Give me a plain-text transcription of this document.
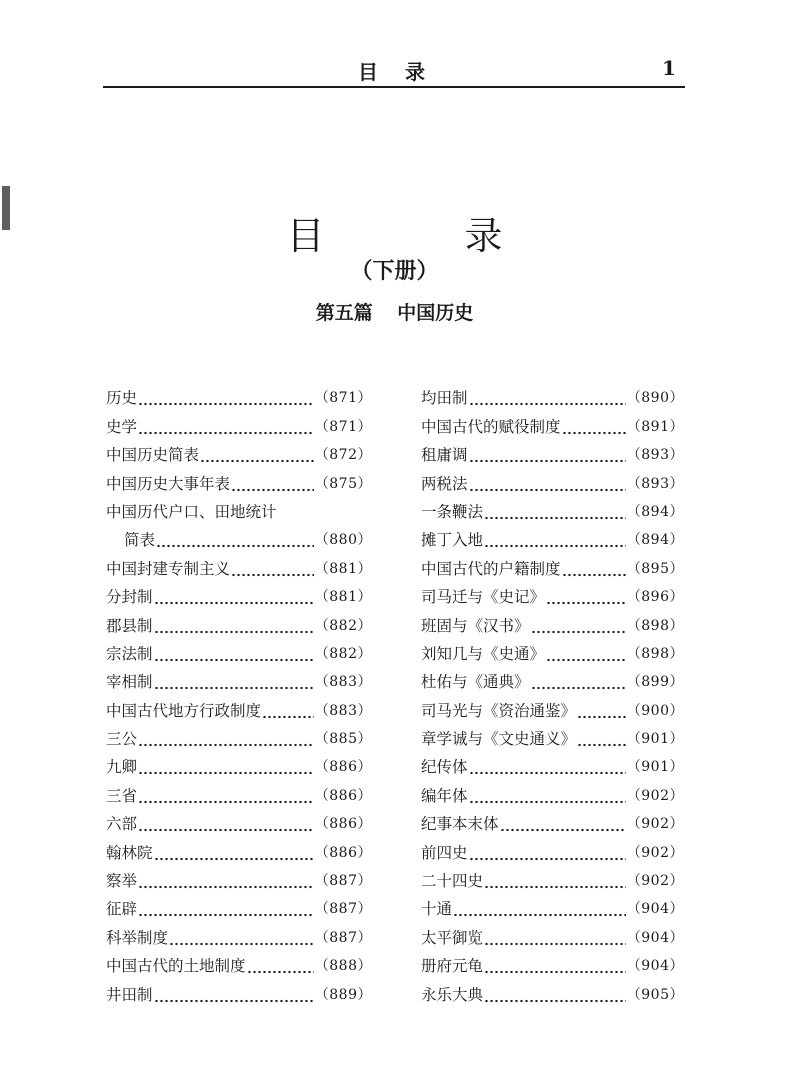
目 录	1
目 录
（下册）
第五篇 中国历史
历史	（871）
史学	（871）
中国历史简表	（872）
中国历史大事年表	（875）
中国历代户口、田地统计
简表	（880）
中国封建专制主义	（881）
分封制	（881）
郡县制	（882）
宗法制	（882）
宰相制	（883）
中国古代地方行政制度	（883）
三公	（885）
九卿	（886）
三省	（886）
六部	（886）
翰林院	（886）
察举	（887）
征辟	（887）
科举制度	（887）
中国古代的土地制度	（888）
井田制	（889）
均田制	（890）
中国古代的赋役制度	（891）
租庸调	（893）
两税法	（893）
一条鞭法	（894）
摊丁入地	（894）
中国古代的户籍制度	（895）
司马迁与《史记》	（896）
班固与《汉书》	（898）
刘知几与《史通》	（898）
杜佑与《通典》	（899）
司马光与《资治通鉴》	（900）
章学诚与《文史通义》	（901）
纪传体	（901）
编年体	（902）
纪事本末体	（902）
前四史	（902）
二十四史	（902）
十通	（904）
太平御览	（904）
册府元龟	（904）
永乐大典	（905）
